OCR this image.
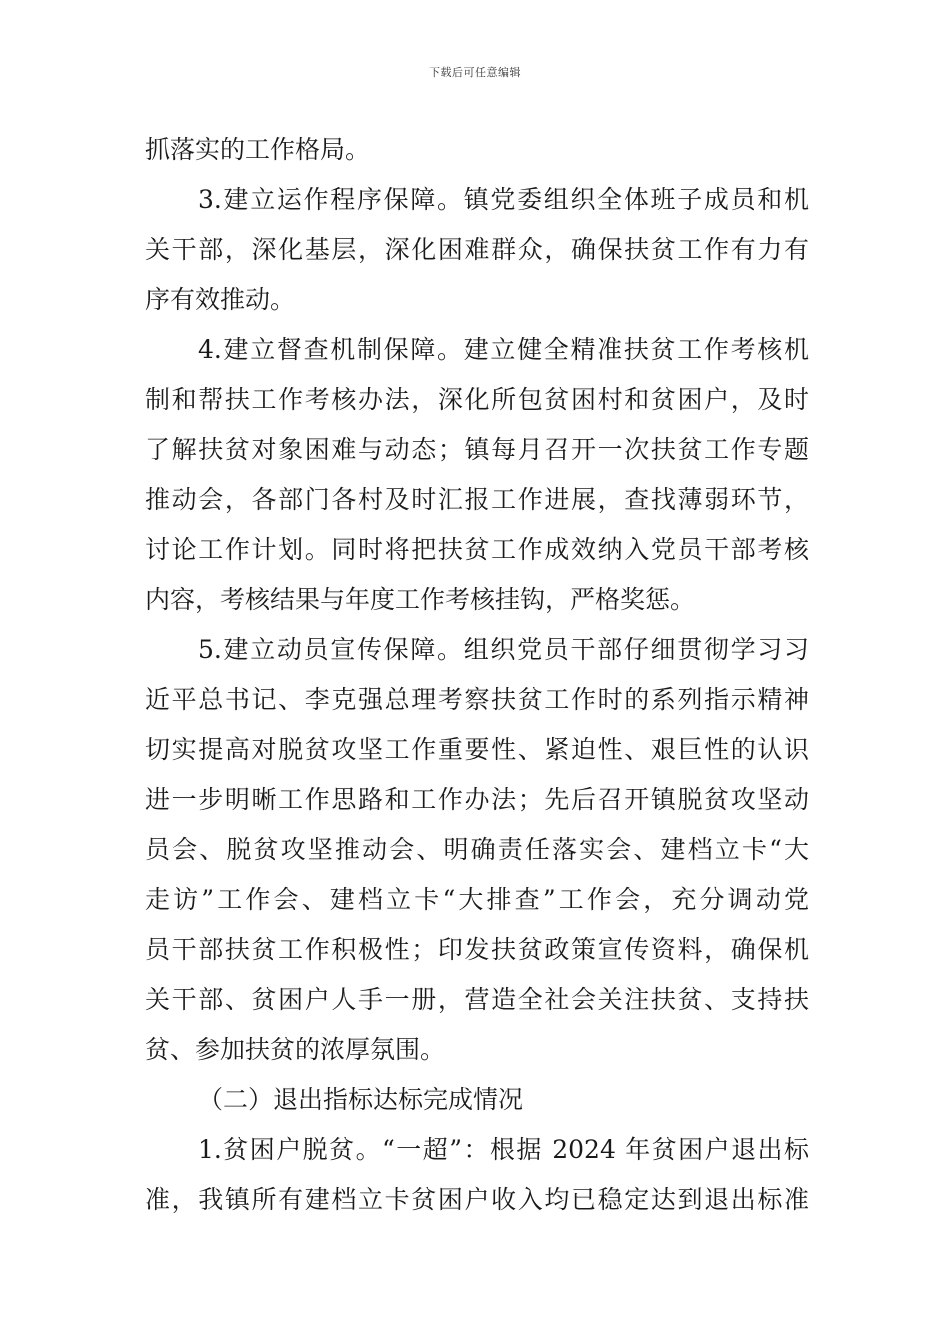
下载后可任意编辑
抓落实的工作格局。
3.建立运作程序保障。镇党委组织全体班子成员和机
关干部，深化基层，深化困难群众，确保扶贫工作有力有
序有效推动。
4.建立督查机制保障。建立健全精准扶贫工作考核机
制和帮扶工作考核办法，深化所包贫困村和贫困户，及时
了解扶贫对象困难与动态；镇每月召开一次扶贫工作专题
推动会，各部门各村及时汇报工作进展，查找薄弱环节，
讨论工作计划。同时将把扶贫工作成效纳入党员干部考核
内容，考核结果与年度工作考核挂钩，严格奖惩。
5.建立动员宣传保障。组织党员干部仔细贯彻学习习
近平总书记、李克强总理考察扶贫工作时的系列指示精神
切实提高对脱贫攻坚工作重要性、紧迫性、艰巨性的认识
进一步明晰工作思路和工作办法；先后召开镇脱贫攻坚动
员会、脱贫攻坚推动会、明确责任落实会、建档立卡“大
走访”工作会、建档立卡“大排查”工作会，充分调动党
员干部扶贫工作积极性；印发扶贫政策宣传资料，确保机
关干部、贫困户人手一册，营造全社会关注扶贫、支持扶
贫、参加扶贫的浓厚氛围。
（二）退出指标达标完成情况
1.贫困户脱贫。“一超”：根据 2024 年贫困户退出标
准，我镇所有建档立卡贫困户收入均已稳定达到退出标准
